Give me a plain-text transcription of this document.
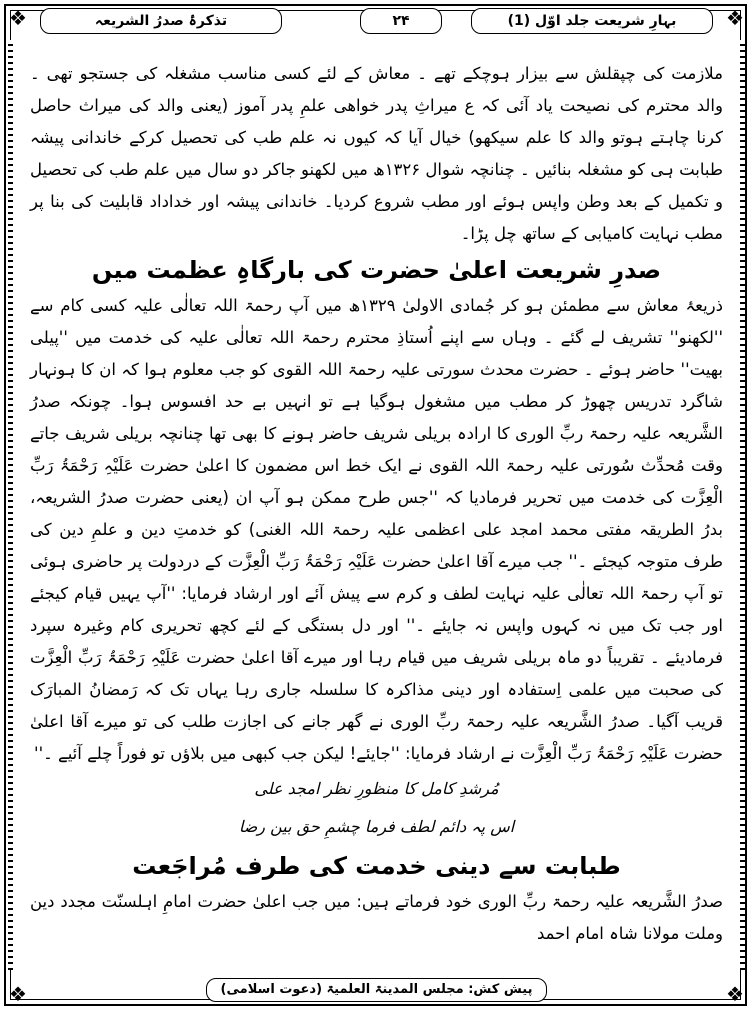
❖	❖
❖	❖
بہارِ شریعت جلد اوّل (1)
۲۴
تذکرۂ صدرُ الشریعہ

ملازمت کی چپقلش سے بیزار ہوچکے تھے ۔ معاش کے لئے کسی مناسب مشغلہ کی جستجو تھی ۔ والد محترم کی نصیحت یاد آئی کہ ع میراثِ پدر خواھی علمِ پدر آموز (یعنی والد کی میراث حاصل کرنا چاہتے ہوتو والد کا علم سیکھو) خیال آیا کہ کیوں نہ علم طب کی تحصیل کرکے خاندانی پیشہ طبابت ہی کو مشغلہ بنائیں ۔ چنانچہ شوال ۱۳۲۶ھ میں لکھنو جاکر دو سال میں علم طب کی تحصیل و تکمیل کے بعد وطن واپس ہوئے اور مطب شروع کردیا۔ خاندانی پیشہ اور خداداد قابلیت کی بنا پر مطب نہایت کامیابی کے ساتھ چل پڑا۔

صدرِ شریعت اعلیٰ حضرت کی بارگاہِ عظمت میں

ذریعۂ معاش سے مطمئن ہو کر جُمادی الاولیٰ ۱۳۲۹ھ میں آپ رحمۃ اللہ تعالٰی علیہ کسی کام سے ''لکھنو'' تشریف لے گئے ۔ وہاں سے اپنے اُستاذِ محترم رحمۃ اللہ تعالٰی علیہ کی خدمت میں ''پیلی بھیت'' حاضر ہوئے ۔ حضرت محدث سورتی علیہ رحمۃ اللہ القوی کو جب معلوم ہوا کہ ان کا ہونہار شاگرد تدریس چھوڑ کر مطب میں مشغول ہوگیا ہے تو انہیں بے حد افسوس ہوا۔ چونکہ صدرُ الشَّریعہ علیہ رحمۃ ربِّ الوری کا ارادہ بریلی شریف حاضر ہونے کا بھی تھا چنانچہ بریلی شریف جاتے وقت مُحدِّث سُورتی علیہ رحمۃ اللہ القوی نے ایک خط اس مضمون کا اعلیٰ حضرت عَلَیْہِ رَحْمَۃُ رَبِّ الْعِزَّت کی خدمت میں تحریر فرمادیا کہ ''جس طرح ممکن ہو آپ ان (یعنی حضرت صدرُ الشریعہ، بدرُ الطریقہ مفتی محمد امجد علی اعظمی علیہ رحمۃ اللہ الغنی) کو خدمتِ دین و علمِ دین کی طرف متوجہ کیجئے ۔'' جب میرے آقا اعلیٰ حضرت عَلَیْہِ رَحْمَۃُ رَبِّ الْعِزَّت کے دردولت پر حاضری ہوئی تو آپ رحمۃ اللہ تعالٰی علیہ نہایت لطف و کرم سے پیش آئے اور ارشاد فرمایا: ''آپ یہیں قیام کیجئے اور جب تک میں نہ کہوں واپس نہ جایئے ۔'' اور دل بستگی کے لئے کچھ تحریری کام وغیرہ سپرد فرمادیئے ۔ تقریباً دو ماہ بریلی شریف میں قیام رہا اور میرے آقا اعلیٰ حضرت عَلَیْہِ رَحْمَۃُ رَبِّ الْعِزَّت کی صحبت میں علمی اِستفادہ اور دینی مذاکرہ کا سلسلہ جاری رہا یہاں تک کہ رَمضانُ المبارَک قریب آگیا۔ صدرُ الشَّریعہ علیہ رحمۃ ربِّ الوری نے گھر جانے کی اجازت طلب کی تو میرے آقا اعلیٰ حضرت عَلَیْہِ رَحْمَۃُ رَبِّ الْعِزَّت نے ارشاد فرمایا: ''جایئے! لیکن جب کبھی میں بلاؤں تو فوراً چلے آئیے ۔''

مُرشدِ کامل کا منظورِ نظر امجد علی
اس پہ دائم لطف فرما چشمِ حق بین رضا
طبابت سے دینی خدمت کی طرف مُراجَعت

صدرُ الشَّریعہ علیہ رحمۃ ربِّ الوری خود فرماتے ہیں: میں جب اعلیٰ حضرت امامِ اہلسنّت مجدد دین وملت مولانا شاہ امام احمد

پیش کش: مجلس المدینۃ العلمیۃ (دعوت اسلامی)
